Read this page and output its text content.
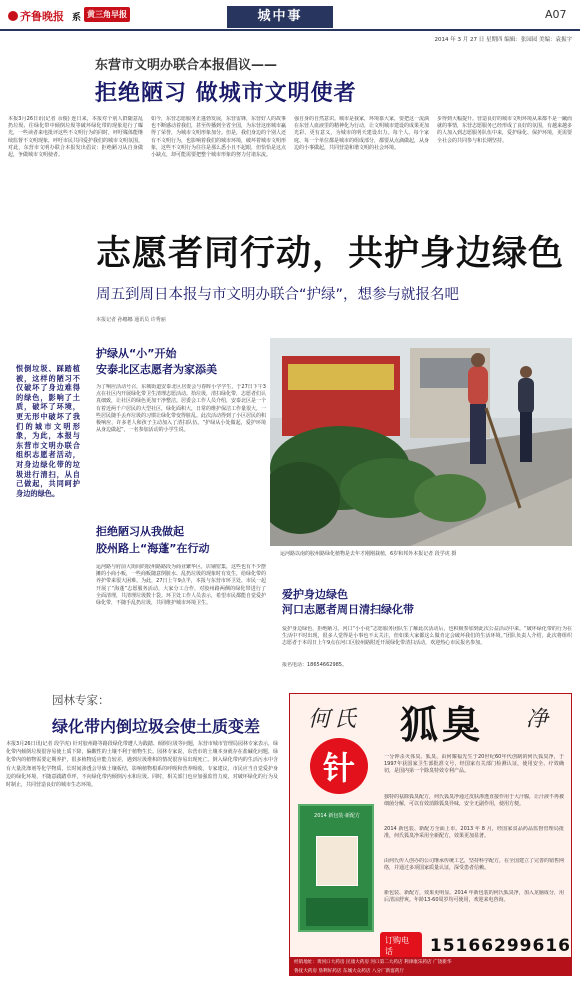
齐鲁晚报 系 黄三角早报	城中事	A07
2014 年 3 月 27 日 星期四 编辑：张园园 美编：袁振宇
东营市文明办联合本报倡议——
拒绝陋习 做城市文明使者
本报3月26日讯(记者 余俊) 连日来，本报对个别人群随意乱扔垃圾、往绿化带中倾倒垃圾等破坏绿化带的现象进行了曝光，一些读者来电批评这些不文明行为的同时，呼吁媒体能继续监督不文明现象，呼吁市民共同爱护我们的城市文明氛围。对此，东营市文明办联合本报发出倡议：拒绝陋习从自身做起，争做城市文明使者。
如今，东营志愿服务正蓬勃发展，东营雷锋，东营好人的故事也不断感动着我们，甚至传播到全省全国，为东营这座城市赢得了荣誉，为城市文明形象加分。但是，我们身边的个别人还有不文明行为，也影响着我们的城市环境，破坏着城市文明形象，这些不文明行为往往是那么悉小且不起眼，但恰恰是这点小缺点，却可能需要把整个城市形象的努力付诸东流。
强自身的自然意识。城市是我家，环境靠大家，要把这一流淌在东营人血液里的精神化为行动，让文明城市建设的成果更加光彩、更有意义，为城市的明天建设出力。每个人、每个家庭、每一个单位都是城市的组成部分，都要从点滴做起，从身边的小事做起，共同营造和谐文明的社会环境。
步得到大幅提升。营造良好的城市文明环境从来都不是一蹴而就的事情，东营志愿服务已经形成了良好的氛围，有越来越多的人加入到志愿服务队伍中来，爱护绿化、保护环境，更需要全社会的共同参与和长期坚持。
志愿者同行动，共护身边绿色
周五到周日本报与市文明办联合“护绿”，想参与就报名吧
本报记者 孙娜娜 通讯员 许秀丽
恨倒垃圾、踩踏植被，这样的陋习不仅破坏了身边难得的绿色，影响了土质，破坏了环境，更无形中破坏了我们的城市文明形象，为此，本报与东营市文明办联合组织志愿者活动，对身边绿化带的垃圾进行清扫，从自己做起，共同呵护身边的绿色。
护绿从“小”开始
安泰北区志愿者为家添美
为了响应活动号召，东城街道安泰北区居委会与春晖小学学生，于27日下午3点在社区内开展绿化带卫生清理志愿活动。拾垃圾，清扫绿化带，志愿者们认真细致，让社区的绿色更加干净整洁。居委会工作人员介绍，安泰北区是一个有着近两千户居民的大型社区，绿化面积大，日常的维护保洁工作量很大，一些居民随手丢弃垃圾的习惯让绿化带变得脏乱。此次活动得到了小区居民的积极响应，许多老人和孩子主动加入了清扫队伍。“护绿从小处做起，爱护环境从身边做起”，一名参加活动的小学生说。
拒绝陋习从我做起
胶州路上“海蓬”在行动
运河路与府前大街间的胶州路路段为商业繁华区，店铺密集，这些也有不少摆摊的小商小贩，一些商贩随意倒脏水、乱扔垃圾的现象时有发生，给绿化带的养护带来很大困难。为此，27日上午9点半，本报与东营市环卫处、市民一起开展了“海蓬”志愿服务活动，大家分工合作，对胶州路两侧的绿化带进行了全面清理，共清理垃圾数十袋。环卫处工作人员表示，希望市民都能自觉爱护绿化带，不随手乱扔垃圾，共同维护城市环境卫生。
运河路以南的胶州路绿化植物是去年才刚刚栽植，6岁和邦外本报记者 段学虎 摄
爱护身边绿色
河口志愿者周日清扫绿化带
爱护身边绿色，拒绝陋习。河口“小小花”志愿服务团队生了解此次活动后，也积极参加到此次公益活动中来。“破坏绿化带的行为在生活中不时出现，很多人觉得是小事也不太关注，但如果大家都这么做肯定会破坏我们的生活环境。”团队负责人介绍，此次将组织志愿者于本周日上午9点在河口区胶州路附近开展绿化带清扫活动，欢迎热心市民报名参加。
报名电话：18654662985。
园林专家：
绿化带内倒垃圾会使土质变差
本报3月26日讯(记者 段学虎) 针对胶州路等路段绿化带遭人为践踏、倾倒垃圾等问题，东营市城市管理局园林专家表示，绿化带内倾倒垃圾很容易使土质下降，偏酸性的土壤不利于植物生长。园林专家说，东营市的土壤本身就存在盐碱化问题，绿化带内的植物需要定期养护，很多植物适应能力较差，遇到垃圾堆积的情况很容易出现死亡。倒入绿化带内的生活污水中含有大量洗涤剂等化学物质，长时间渗透会导致土壤板结，影响植物根系的呼吸和营养吸收。专家建议，市民应当自觉爱护身边的绿化环境，不随意践踏草坪，不向绿化带内倾倒污水和垃圾。同时，相关部门也应加强监管力度，对破坏绿化的行为及时制止，共同营造良好的城市生态环境。
何氏 狐臭 净
针
2014 新包装·新配方
一分钟杀灭体臭、狐臭，由何耀福先生于20世纪60年代创制的何氏狐臭净，于1997年获国家卫生部批准文号，经国家有关部门检测认证，使用安全、疗效确切，是国内第一个除臭特效专利产品。
独特的祛除狐臭配方，何氏狐臭净通过皮肤渗透直接作用于大汗腺，让汗液不再被细菌分解，可以有效消除狐臭异味，安全无副作用，使用方便。
2014 新包装、新配方全面上市。2013 年 8 月，经国家食品药品监督管理局批准，何氏狐臭净采用全新配方，效果更加显著。
由何氏传人创办的公司继承传统工艺，坚持科学配方，在全国建立了完善的销售网络，并通过多项国家质量认证，深受患者信赖。
新包装、新配方，效果更明显。2014 年新包装的何氏狐臭净，加入龙脑成分，用后清凉舒爽。年龄13-60周岁均可使用，欢迎来电咨询。
订购电话	15166299616
经销地址：黄河口大药房 民康大药房 河口第二大药店 利津康乐药店 广饶新华
鲁抚大药房 垦利好药店 东城大众药店 八分厂新宴药厅
